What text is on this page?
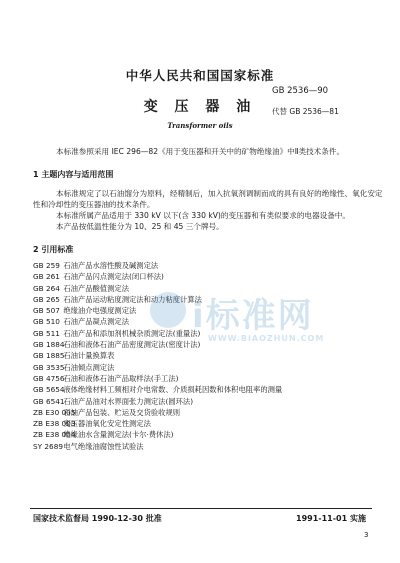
中华人民共和国国家标准
GB 2536—90
变 压 器 油	代替 GB 2536—81
Transformer oils
本标准参照采用 IEC 296—82《用于变压器和开关中的矿物绝缘油》中Ⅱ类技术条件。
1 主题内容与适用范围
本标准规定了以石油馏分为原料，经精制后，加入抗氧剂调制而成的具有良好的绝缘性、氧化安定
性和冷却性的变压器油的技术条件。
本标准所属产品适用于 330 kV 以下(含 330 kV)的变压器和有类似要求的电器设备中。
本产品按低温性能分为 10、25 和 45 三个牌号。
2 引用标准
GB 259 石油产品水溶性酸及碱测定法
GB 261 石油产品闪点测定法(闭口杯法)
GB 264 石油产品酸值测定法
GB 265 石油产品运动粘度测定法和动力粘度计算法
GB 507 绝缘油介电强度测定法
GB 510 石油产品凝点测定法
GB 511 石油产品和添加剂机械杂质测定法(重量法)
GB 1884 石油和液体石油产品密度测定法(密度计法)
GB 1885 石油计量换算表
GB 3535 石油倾点测定法
GB 4756 石油和液体石油产品取样法(手工法)
GB 5654 液体绝缘材料工频相对介电常数、介质损耗因数和体积电阻率的测量
GB 6541 石油产品油对水界面张力测定法(圆环法)
ZB E30 005 石油产品包装、贮运及交货验收规则
ZB E38 003 变压器油氧化安定性测定法
ZB E38 004 绝缘油水含量测定法(卡尔·费休法)
SY 2689 电气绝缘油腐蚀性试验法
i标准网
WWW.BIAOZHUN.COM
国家技术监督局 1990-12-30 批准	1991-11-01 实施
3
